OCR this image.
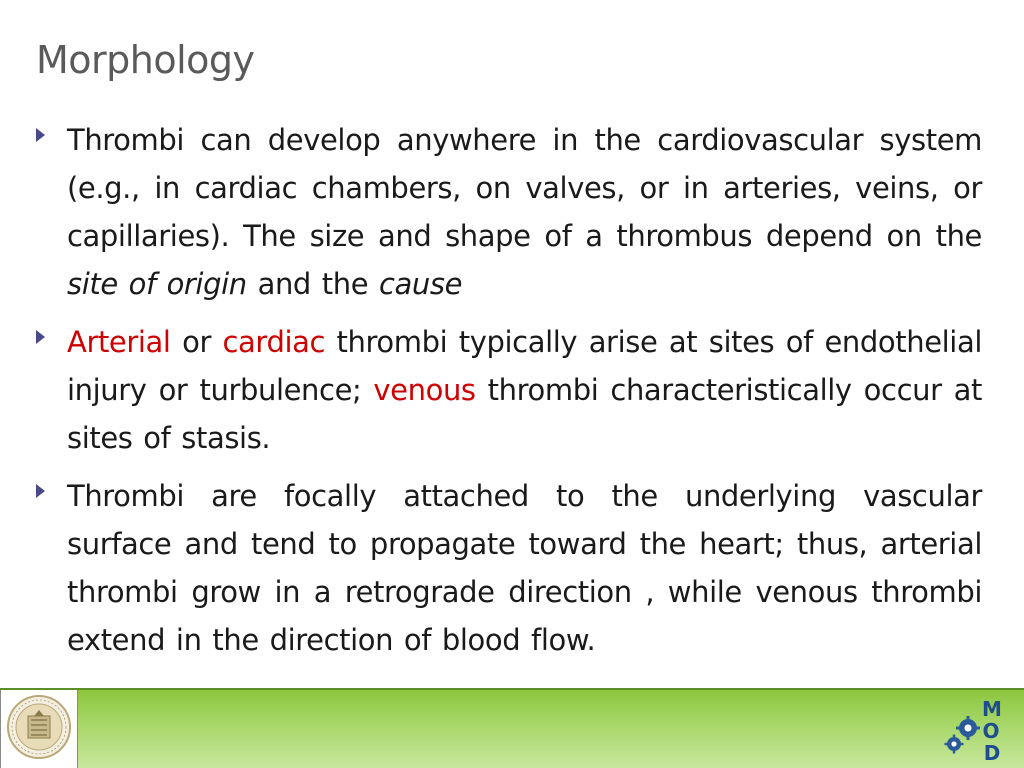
Morphology
Thrombi can develop anywhere in the cardiovascular system (e.g., in cardiac chambers, on valves, or in arteries, veins, or capillaries). The size and shape of a thrombus depend on the site of origin and the cause
Arterial or cardiac thrombi typically arise at sites of endothelial injury or turbulence; venous thrombi characteristically occur at sites of stasis.
Thrombi are focally attached to the underlying vascular surface and tend to propagate toward the heart; thus, arterial thrombi grow in a retrograde direction , while venous thrombi extend in the direction of blood flow.
M
O
D
